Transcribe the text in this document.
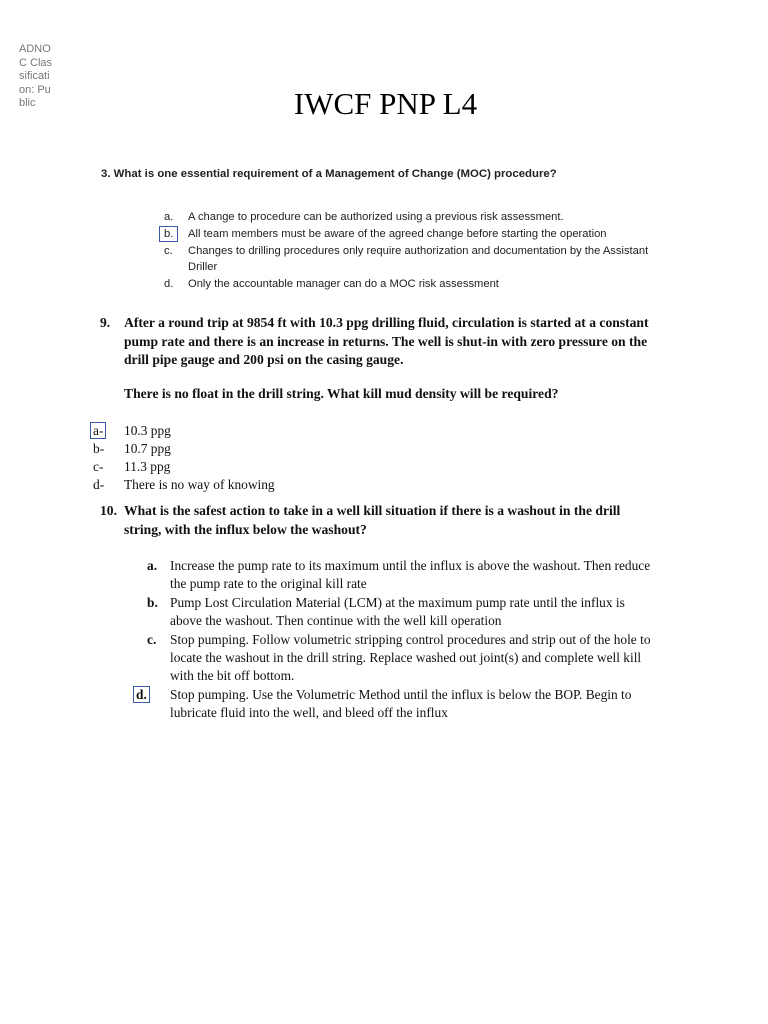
ADNOC Classification: Public	IWCF PNP L4
3. What is one essential requirement of a Management of Change (MOC) procedure?
a.	A change to procedure can be authorized using a previous risk assessment.
b.	All team members must be aware of the agreed change before starting the operation
c.	Changes to drilling procedures only require authorization and documentation by the Assistant Driller
d.	Only the accountable manager can do a MOC risk assessment
9.	After a round trip at 9854 ft with 10.3 ppg drilling fluid, circulation is started at a constant pump rate and there is an increase in returns. The well is shut-in with zero pressure on the drill pipe gauge and 200 psi on the casing gauge.
There is no float in the drill string. What kill mud density will be required?
a-	10.3 ppg
b-	10.7 ppg
c-	11.3 ppg
d-	There is no way of knowing
10. What is the safest action to take in a well kill situation if there is a washout in the drill string, with the influx below the washout?
a. Increase the pump rate to its maximum until the influx is above the washout. Then reduce the pump rate to the original kill rate
b. Pump Lost Circulation Material (LCM) at the maximum pump rate until the influx is above the washout. Then continue with the well kill operation
c.	Stop pumping. Follow volumetric stripping control procedures and strip out of the hole to locate the washout in the drill string. Replace washed out joint(s) and complete well kill with the bit off bottom.
d.	Stop pumping. Use the Volumetric Method until the influx is below the BOP. Begin to lubricate fluid into the well, and bleed off the influx
